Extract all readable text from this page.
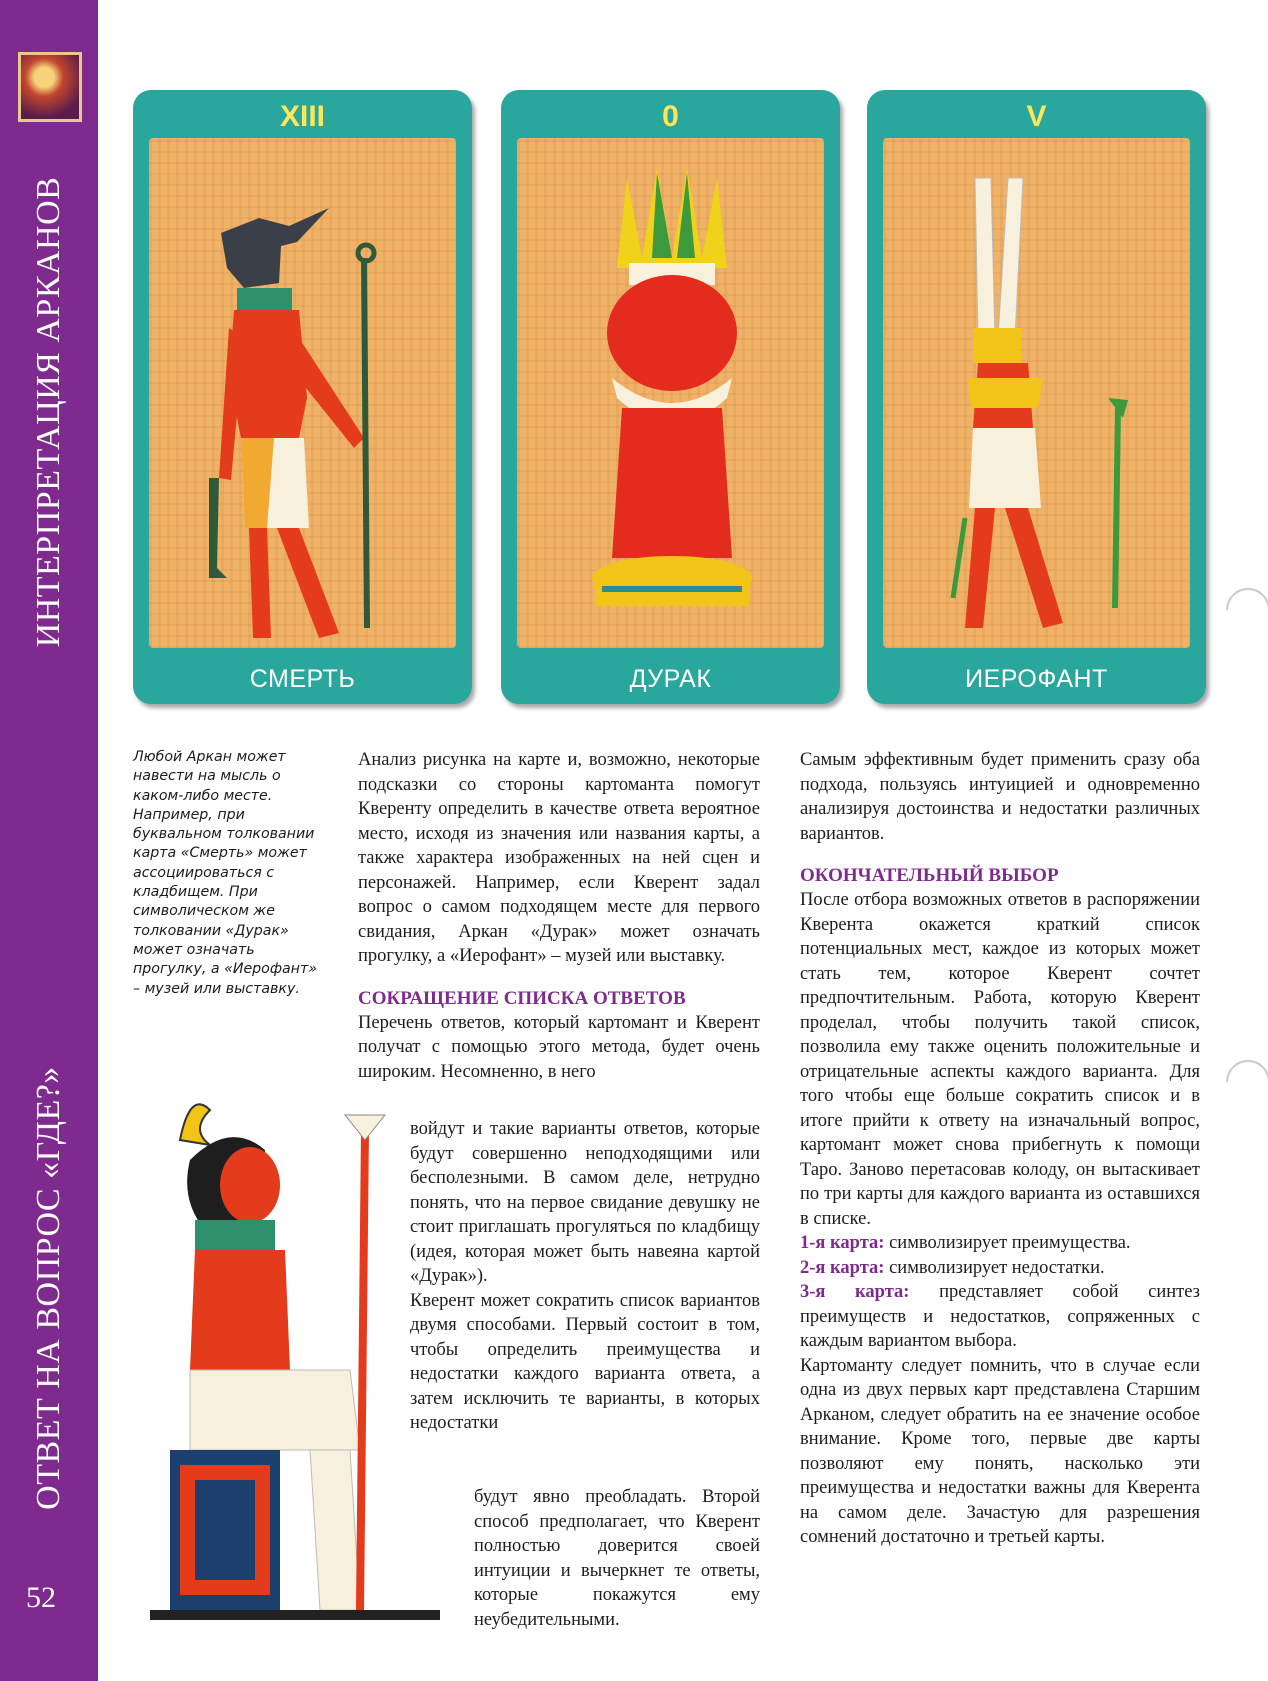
ИНТЕРПРЕТАЦИЯ АРКАНОВ
ОТВЕТ НА ВОПРОС «ГДЕ?»
52
XIII
СМЕРТЬ
0
ДУРАК
V
ИЕРОФАНТ

Любой Аркан может навести на мысль о каком-либо месте. Например, при буквальном толковании карта «Смерть» может ассоциироваться с кладбищем. При символическом же толковании «Дурак» может означать прогулку, а «Иерофант» – музей или выставку.

Анализ рисунка на карте и, возможно, некоторые подсказки со стороны картоманта помогут Кверенту определить в качестве ответа вероятное место, исходя из значения или названия карты, а также характера изображенных на ней сцен и персонажей. Например, если Кверент задал вопрос о самом подходящем месте для первого свидания, Аркан «Дурак» может означать прогулку, а «Иерофант» – музей или выставку.

СОКРАЩЕНИЕ СПИСКА ОТВЕТОВ

Перечень ответов, который картомант и Кверент получат с помощью этого метода, будет очень широким. Несомненно, в него

войдут и такие варианты ответов, которые будут совершенно неподходящими или бесполезными. В самом деле, нетрудно понять, что на первое свидание девушку не стоит приглашать прогуляться по кладбищу (идея, которая может быть навеяна картой «Дурак»).

Кверент может сократить список вариантов двумя способами. Первый состоит в том, чтобы определить преимущества и недостатки каждого варианта ответа, а затем исключить те варианты, в которых недостатки

будут явно преобладать. Второй способ предполагает, что Кверент полностью доверится своей интуиции и вычеркнет те ответы, которые покажутся ему неубедительными.

Самым эффективным будет применить сразу оба подхода, пользуясь интуицией и одновременно анализируя достоинства и недостатки различных вариантов.

ОКОНЧАТЕЛЬНЫЙ ВЫБОР

После отбора возможных ответов в распоряжении Кверента окажется краткий список потенциальных мест, каждое из которых может стать тем, которое Кверент сочтет предпочтительным. Работа, которую Кверент проделал, чтобы получить такой список, позволила ему также оценить положительные и отрицательные аспекты каждого варианта. Для того чтобы еще больше сократить список и в итоге прийти к ответу на изначальный вопрос, картомант может снова прибегнуть к помощи Таро. Заново перетасовав колоду, он вытаскивает по три карты для каждого варианта из оставшихся в списке.

1-я карта: символизирует преимущества.

2-я карта: символизирует недостатки.

3-я карта: представляет собой синтез преимуществ и недостатков, сопряженных с каждым вариантом выбора.

Картоманту следует помнить, что в случае если одна из двух первых карт представлена Старшим Арканом, следует обратить на ее значение особое внимание. Кроме того, первые две карты позволяют ему понять, насколько эти преимущества и недостатки важны для Кверента на самом деле. Зачастую для разрешения сомнений достаточно и третьей карты.
